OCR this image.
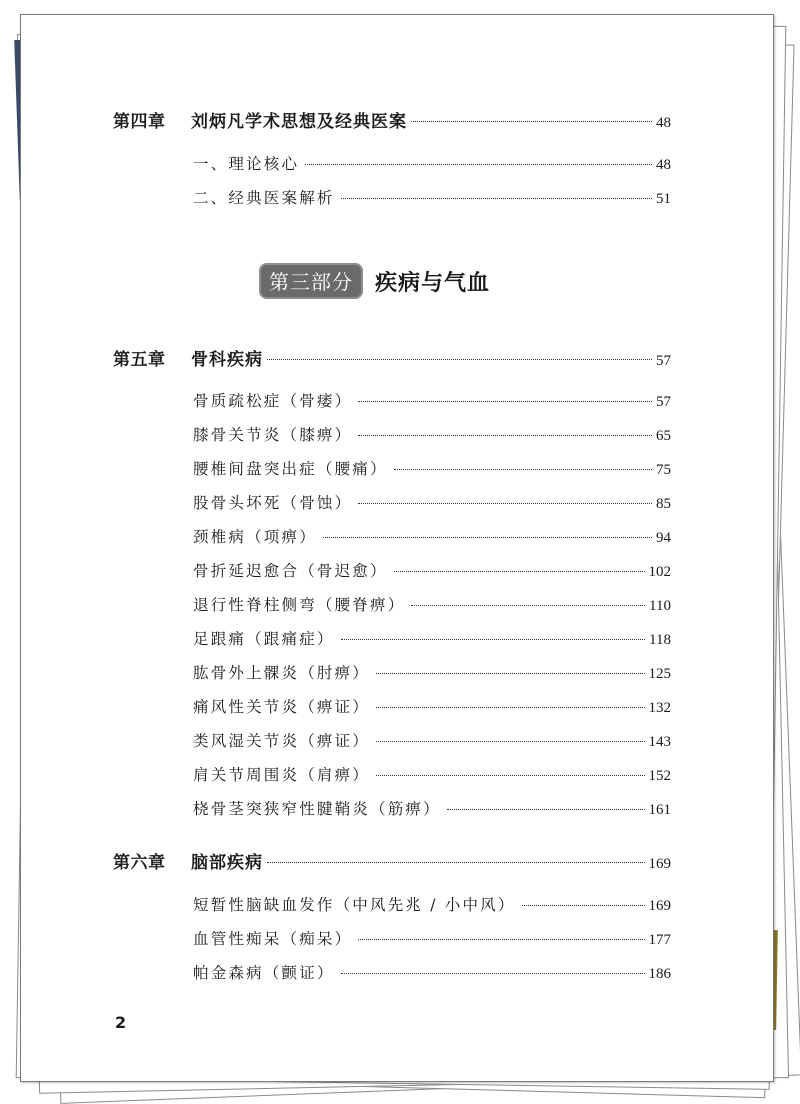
第四章	刘炳凡学术思想及经典医案	48
一、理论核心	48
二、经典医案解析	51
第三部分	疾病与气血
第五章	骨科疾病	57
骨质疏松症（骨痿）	57
膝骨关节炎（膝痹）	65
腰椎间盘突出症（腰痛）	75
股骨头坏死（骨蚀）	85
颈椎病（项痹）	94
骨折延迟愈合（骨迟愈）	102
退行性脊柱侧弯（腰脊痹）	110
足跟痛（跟痛症）	118
肱骨外上髁炎（肘痹）	125
痛风性关节炎（痹证）	132
类风湿关节炎（痹证）	143
肩关节周围炎（肩痹）	152
桡骨茎突狭窄性腱鞘炎（筋痹）	161
第六章	脑部疾病	169
短暂性脑缺血发作（中风先兆 / 小中风）	169
血管性痴呆（痴呆）	177
帕金森病（颤证）	186
2
